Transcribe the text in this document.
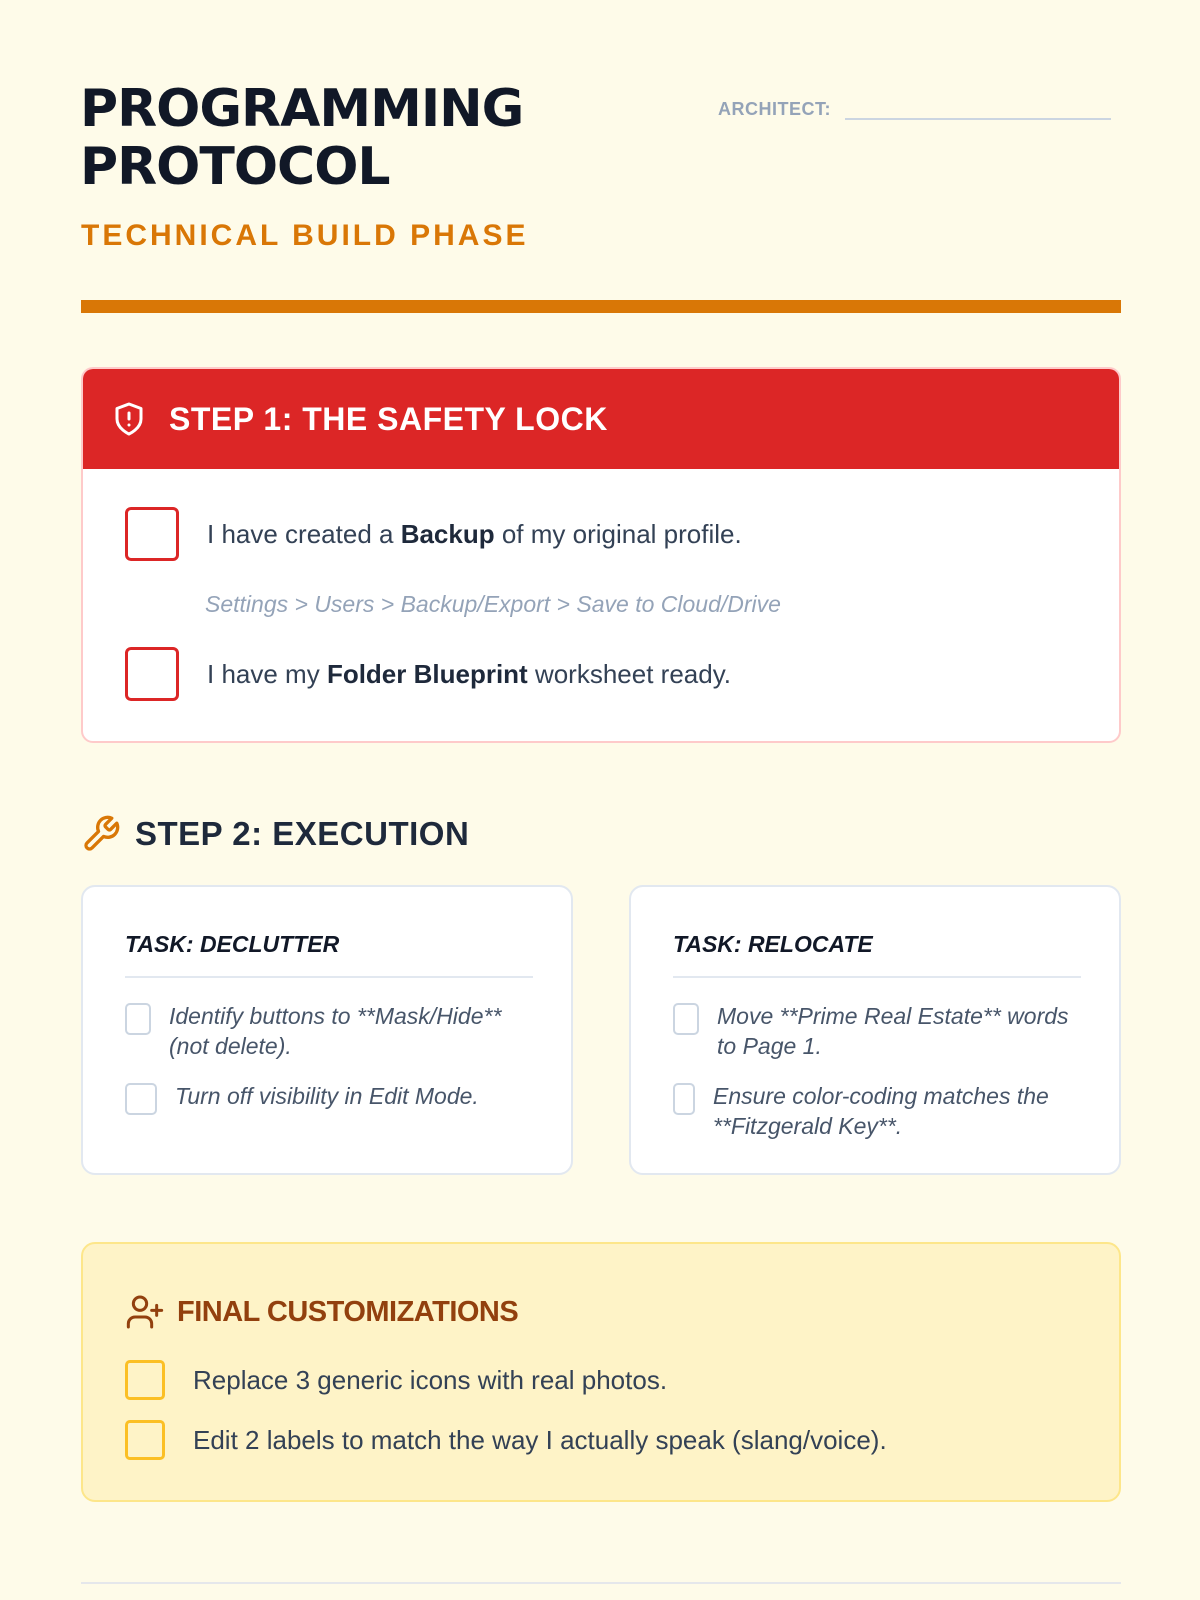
PROGRAMMING
PROTOCOL
TECHNICAL BUILD PHASE
ARCHITECT:
STEP 1: THE SAFETY LOCK
I have created a Backup of my original profile.
Settings > Users > Backup/Export > Save to Cloud/Drive
I have my Folder Blueprint worksheet ready.
STEP 2: EXECUTION
TASK: DECLUTTER
Identify buttons to **Mask/Hide** (not delete).
Turn off visibility in Edit Mode.
TASK: RELOCATE
Move **Prime Real Estate** words to Page 1.
Ensure color-coding matches the **Fitzgerald Key**.
FINAL CUSTOMIZATIONS
Replace 3 generic icons with real photos.
Edit 2 labels to match the way I actually speak (slang/voice).
